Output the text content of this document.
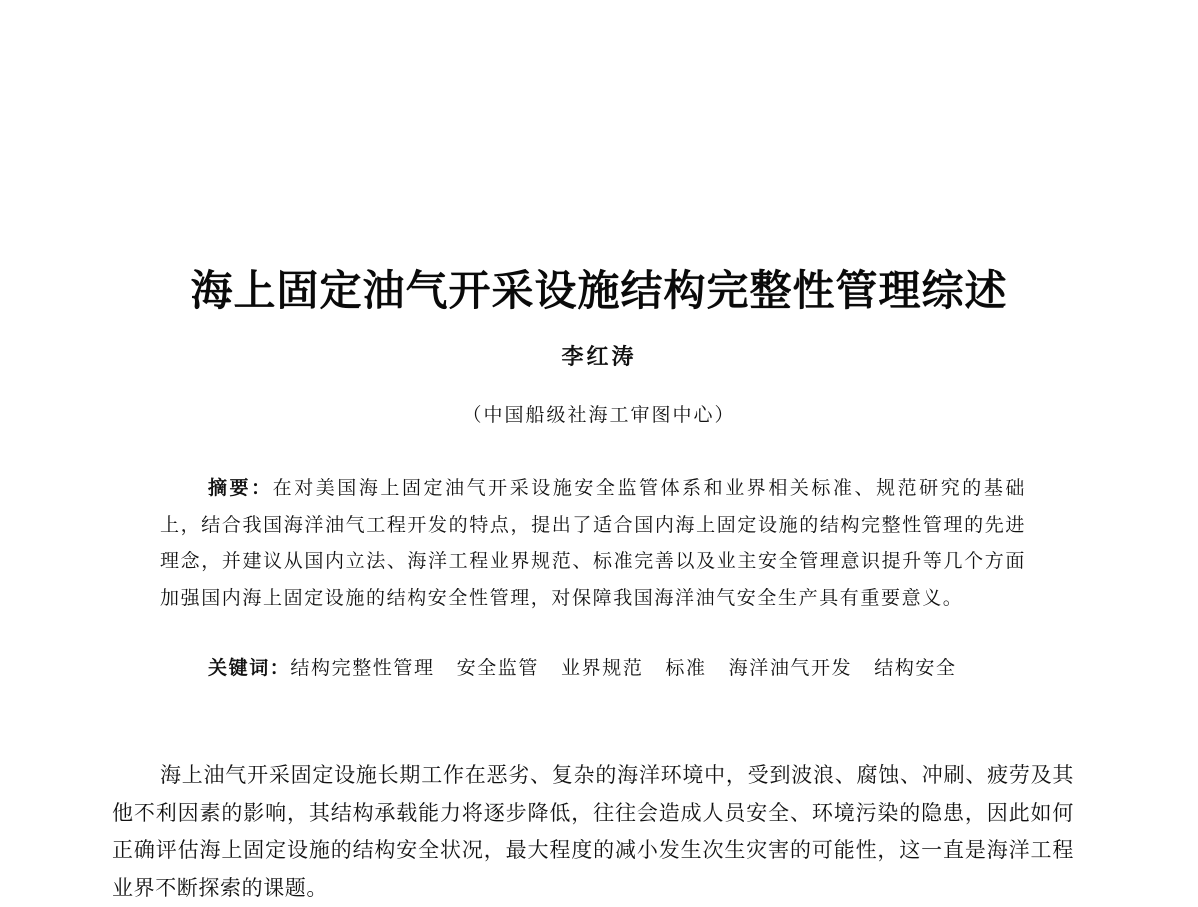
海上固定油气开采设施结构完整性管理综述
李红涛
（中国船级社海工审图中心）
摘要：在对美国海上固定油气开采设施安全监管体系和业界相关标准、规范研究的基础上，结合我国海洋油气工程开发的特点，提出了适合国内海上固定设施的结构完整性管理的先进理念，并建议从国内立法、海洋工程业界规范、标准完善以及业主安全管理意识提升等几个方面加强国内海上固定设施的结构安全性管理，对保障我国海洋油气安全生产具有重要意义。
关键词：结构完整性管理 安全监管 业界规范 标准 海洋油气开发 结构安全
海上油气开采固定设施长期工作在恶劣、复杂的海洋环境中，受到波浪、腐蚀、冲刷、疲劳及其他不利因素的影响，其结构承载能力将逐步降低，往往会造成人员安全、环境污染的隐患，因此如何正确评估海上固定设施的结构安全状况，最大程度的减小发生次生灾害的可能性，这一直是海洋工程业界不断探索的课题。
